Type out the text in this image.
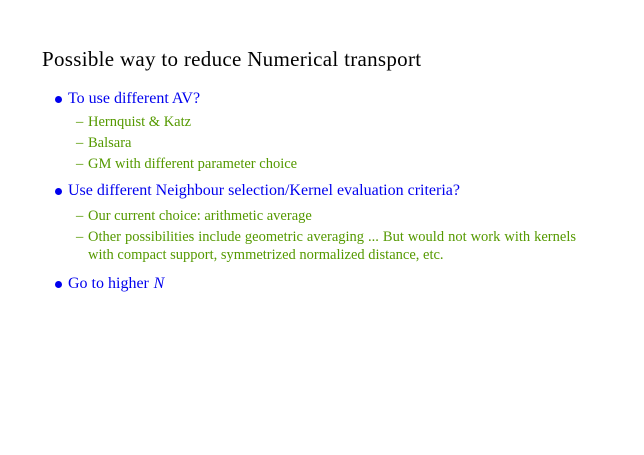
Possible way to reduce Numerical transport
To use different AV?
– Hernquist & Katz
– Balsara
– GM with different parameter choice
Use different Neighbour selection/Kernel evaluation criteria?
– Our current choice: arithmetic average
– Other possibilities include geometric averaging ... But would not work with kernels with compact support, symmetrized normalized distance, etc.
Go to higher N
